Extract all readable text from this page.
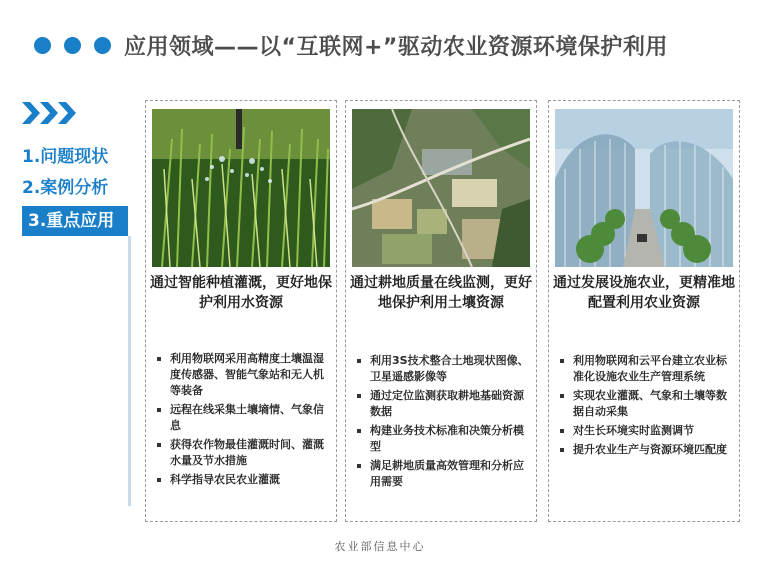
应用领域——以“互联网+”驱动农业资源环境保护利用
1.问题现状
2.案例分析
3.重点应用
通过智能种植灌溉，更好地保护利用水资源
利用物联网采用高精度土壤温湿度传感器、智能气象站和无人机等装备
远程在线采集土壤墒情、气象信息
获得农作物最佳灌溉时间、灌溉水量及节水措施
科学指导农民农业灌溉
通过耕地质量在线监测，更好地保护利用土壤资源
利用3S技术整合土地现状图像、卫星遥感影像等
通过定位监测获取耕地基础资源数据
构建业务技术标准和决策分析模型
满足耕地质量高效管理和分析应用需要
通过发展设施农业，更精准地配置利用农业资源
利用物联网和云平台建立农业标准化设施农业生产管理系统
实现农业灌溉、气象和土壤等数据自动采集
对生长环境实时监测调节
提升农业生产与资源环境匹配度
农业部信息中心
